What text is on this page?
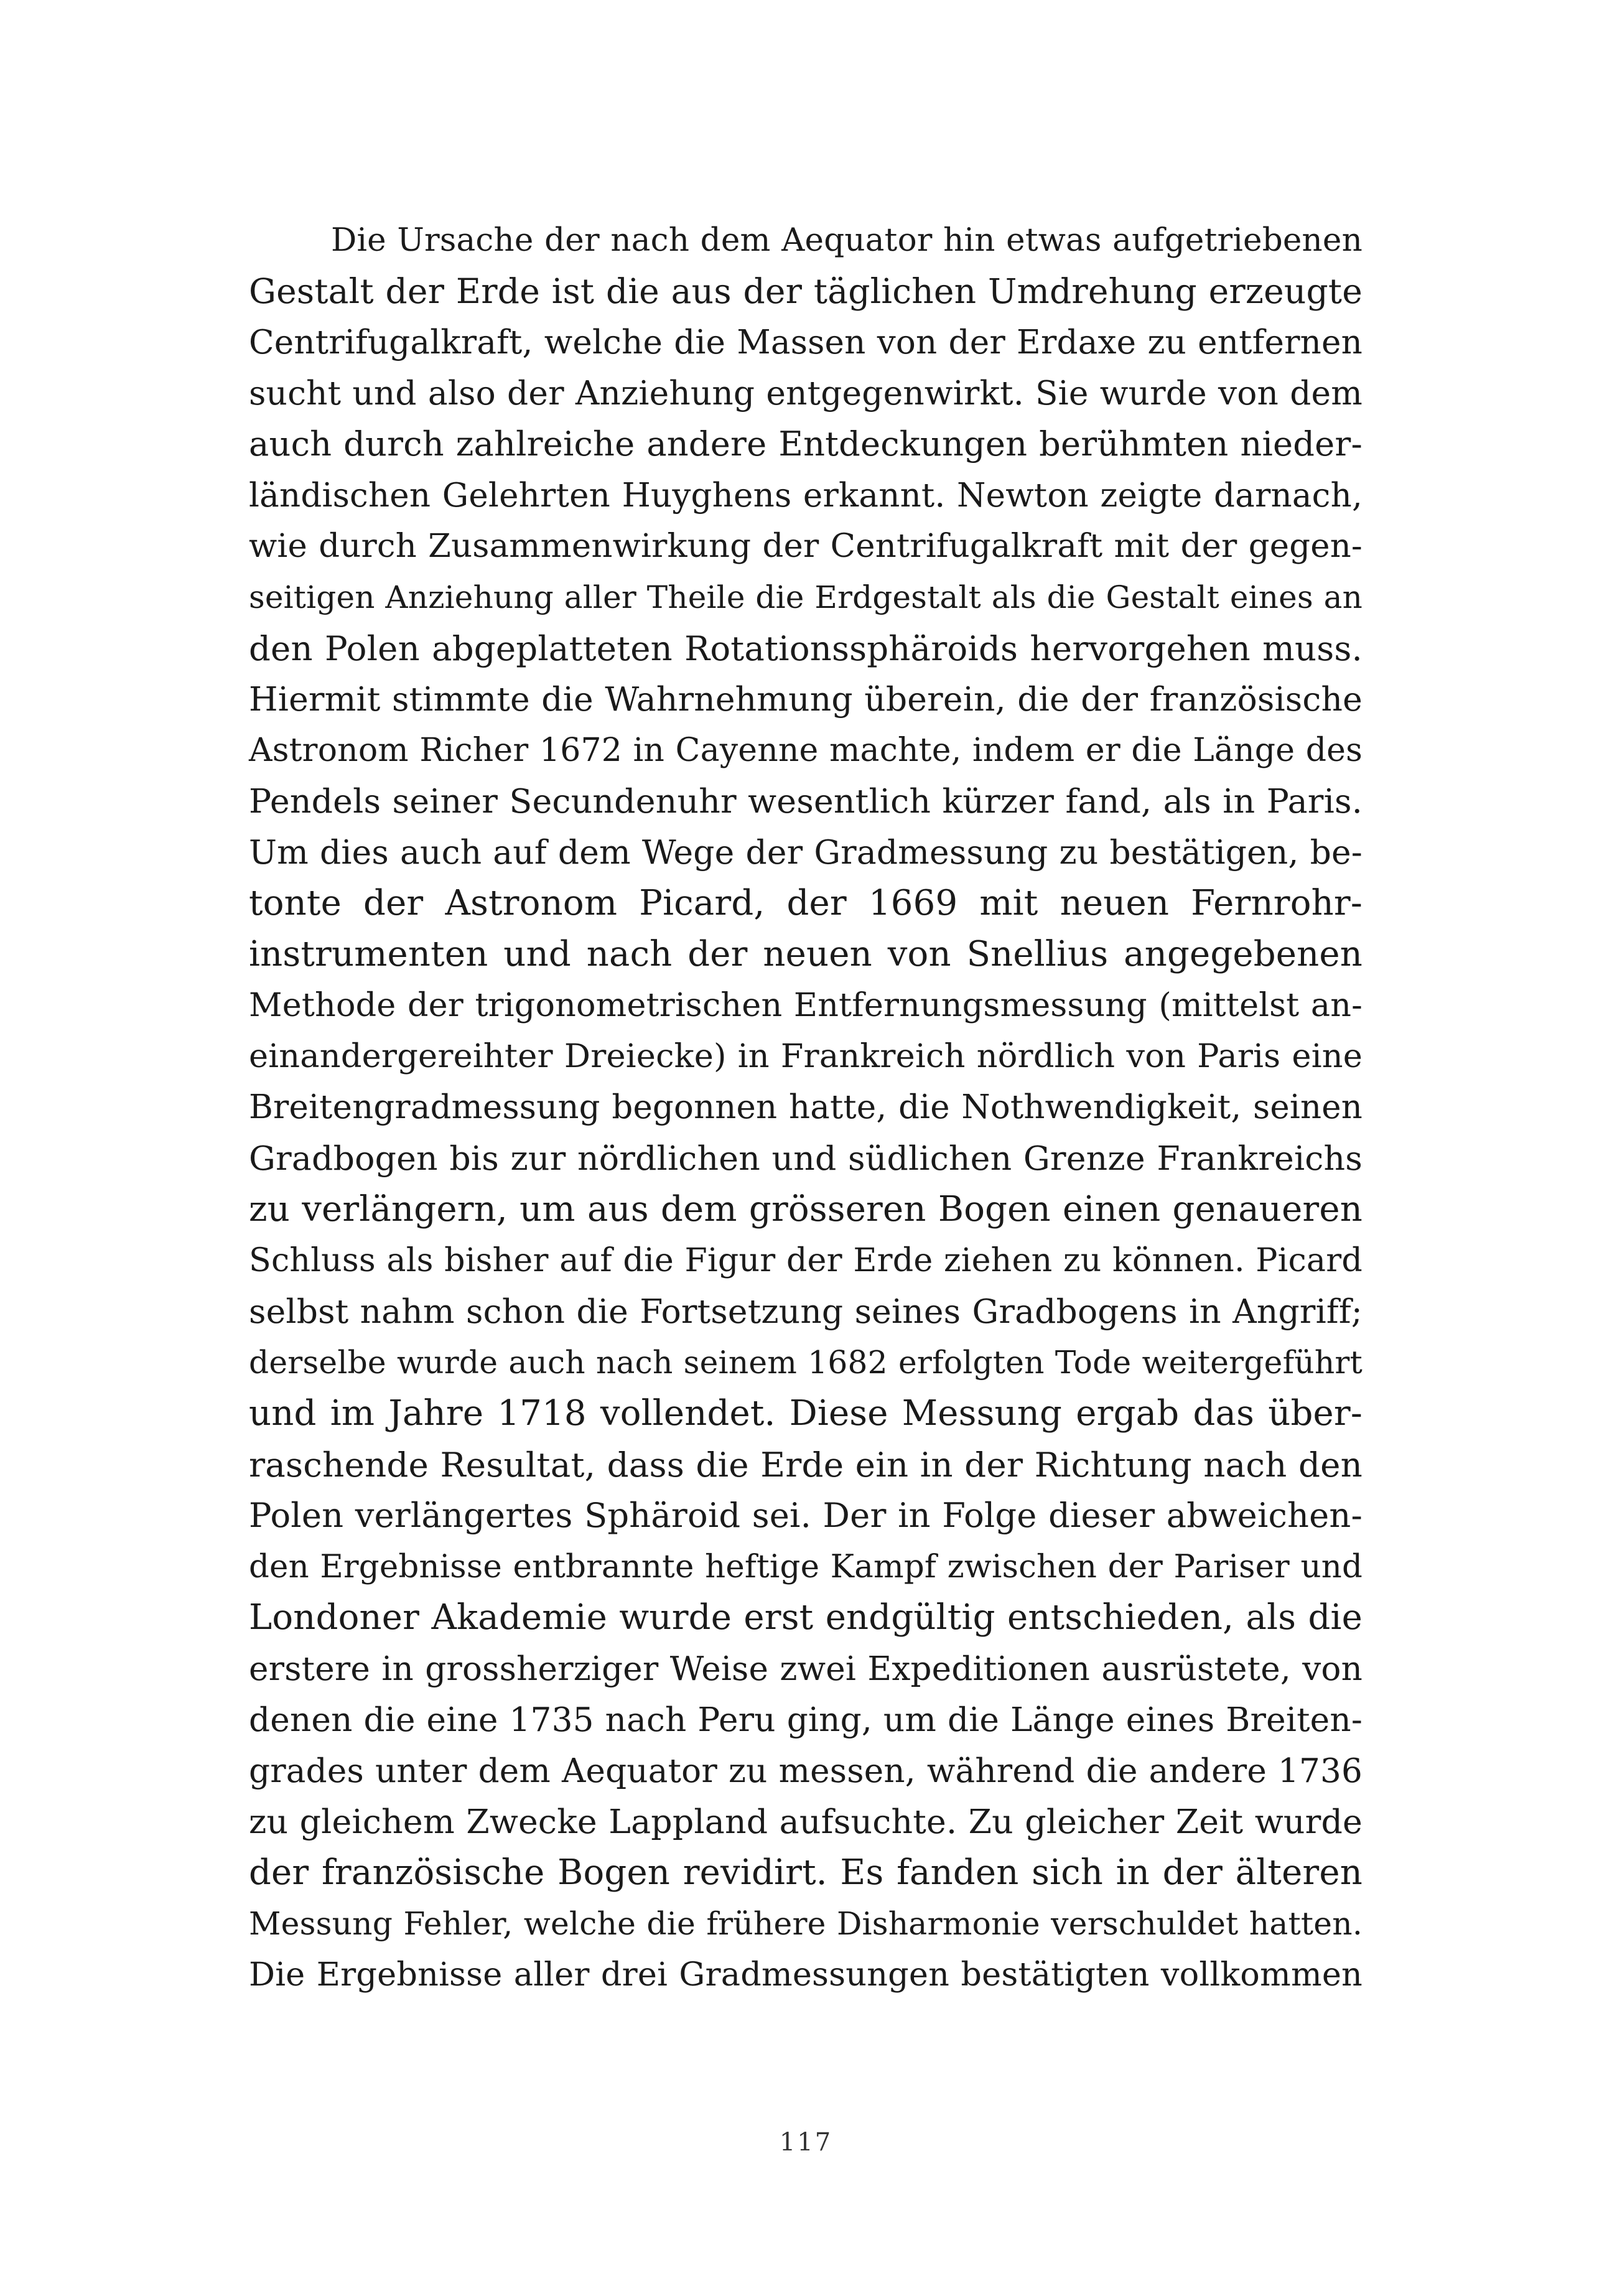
Die Ursache der nach dem Aequator hin etwas aufgetriebenen
Gestalt der Erde ist die aus der täglichen Umdrehung erzeugte
Centrifugalkraft, welche die Massen von der Erdaxe zu entfernen
sucht und also der Anziehung entgegenwirkt. Sie wurde von dem
auch durch zahlreiche andere Entdeckungen berühmten nieder-
ländischen Gelehrten Huyghens erkannt. Newton zeigte darnach,
wie durch Zusammenwirkung der Centrifugalkraft mit der gegen-
seitigen Anziehung aller Theile die Erdgestalt als die Gestalt eines an
den Polen abgeplatteten Rotationssphäroids hervorgehen muss.
Hiermit stimmte die Wahrnehmung überein, die der französische
Astronom Richer 1672 in Cayenne machte, indem er die Länge des
Pendels seiner Secundenuhr wesentlich kürzer fand, als in Paris.
Um dies auch auf dem Wege der Gradmessung zu bestätigen, be-
tonte der Astronom Picard, der 1669 mit neuen Fernrohr-
instrumenten und nach der neuen von Snellius angegebenen
Methode der trigonometrischen Entfernungsmessung (mittelst an-
einandergereihter Dreiecke) in Frankreich nördlich von Paris eine
Breitengradmessung begonnen hatte, die Nothwendigkeit, seinen
Gradbogen bis zur nördlichen und südlichen Grenze Frankreichs
zu verlängern, um aus dem grösseren Bogen einen genaueren
Schluss als bisher auf die Figur der Erde ziehen zu können. Picard
selbst nahm schon die Fortsetzung seines Gradbogens in Angriff;
derselbe wurde auch nach seinem 1682 erfolgten Tode weitergeführt
und im Jahre 1718 vollendet. Diese Messung ergab das über-
raschende Resultat, dass die Erde ein in der Richtung nach den
Polen verlängertes Sphäroid sei. Der in Folge dieser abweichen-
den Ergebnisse entbrannte heftige Kampf zwischen der Pariser und
Londoner Akademie wurde erst endgültig entschieden, als die
erstere in grossherziger Weise zwei Expeditionen ausrüstete, von
denen die eine 1735 nach Peru ging, um die Länge eines Breiten-
grades unter dem Aequator zu messen, während die andere 1736
zu gleichem Zwecke Lappland aufsuchte. Zu gleicher Zeit wurde
der französische Bogen revidirt. Es fanden sich in der älteren
Messung Fehler, welche die frühere Disharmonie verschuldet hatten.
Die Ergebnisse aller drei Gradmessungen bestätigten vollkommen
117
